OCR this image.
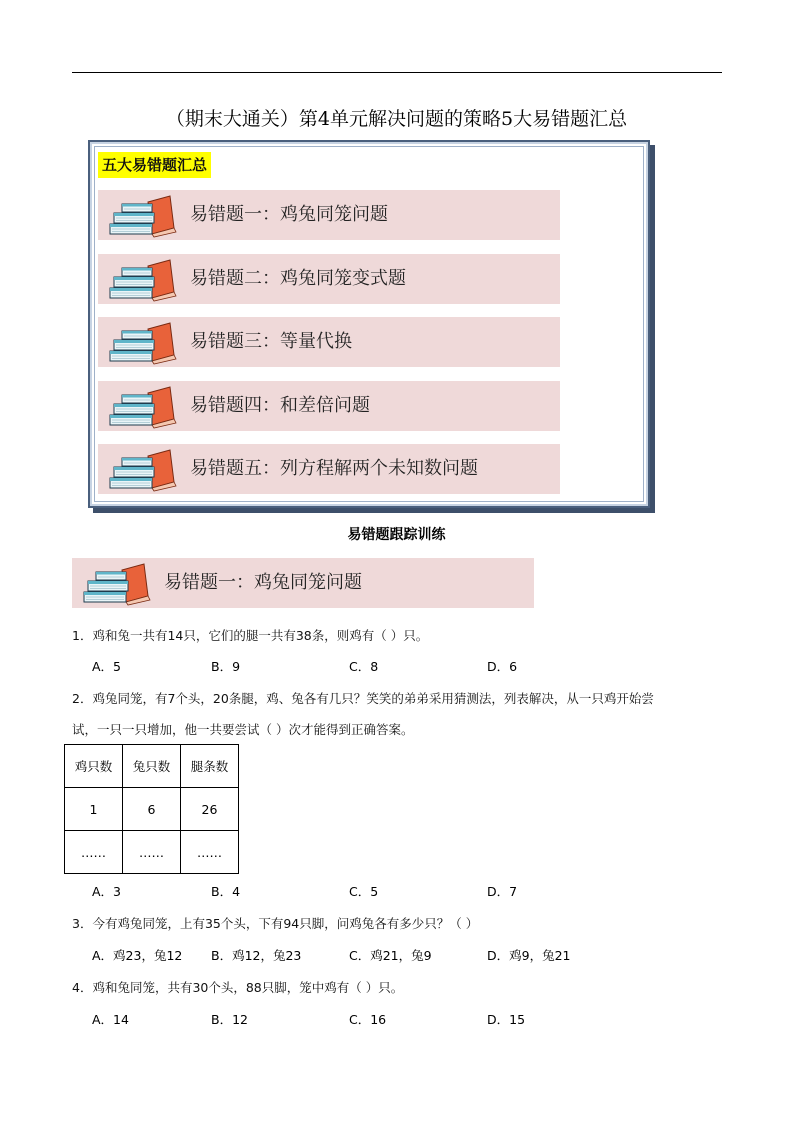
（期末大通关）第4单元解决问题的策略5大易错题汇总
五大易错题汇总
易错题一：鸡兔同笼问题
易错题二：鸡兔同笼变式题
易错题三：等量代换
易错题四：和差倍问题
易错题五：列方程解两个未知数问题
易错题跟踪训练
易错题一：鸡兔同笼问题
1．鸡和兔一共有14只，它们的腿一共有38条，则鸡有（ ）只。
A．5	B．9	C．8	D．6
2．鸡兔同笼，有7个头，20条腿，鸡、兔各有几只？笑笑的弟弟采用猜测法，列表解决，从一只鸡开始尝
试，一只一只增加，他一共要尝试（ ）次才能得到正确答案。
鸡只数	兔只数	腿条数
1	6	26
……	……	……
A．3	B．4	C．5	D．7
3．今有鸡兔同笼，上有35个头，下有94只脚，问鸡兔各有多少只？（ ）
A．鸡23，兔12 B．鸡12，兔23	C．鸡21，兔9	D．鸡9，兔21
4．鸡和兔同笼，共有30个头，88只脚，笼中鸡有（ ）只。
A．14	B．12	C．16	D．15
